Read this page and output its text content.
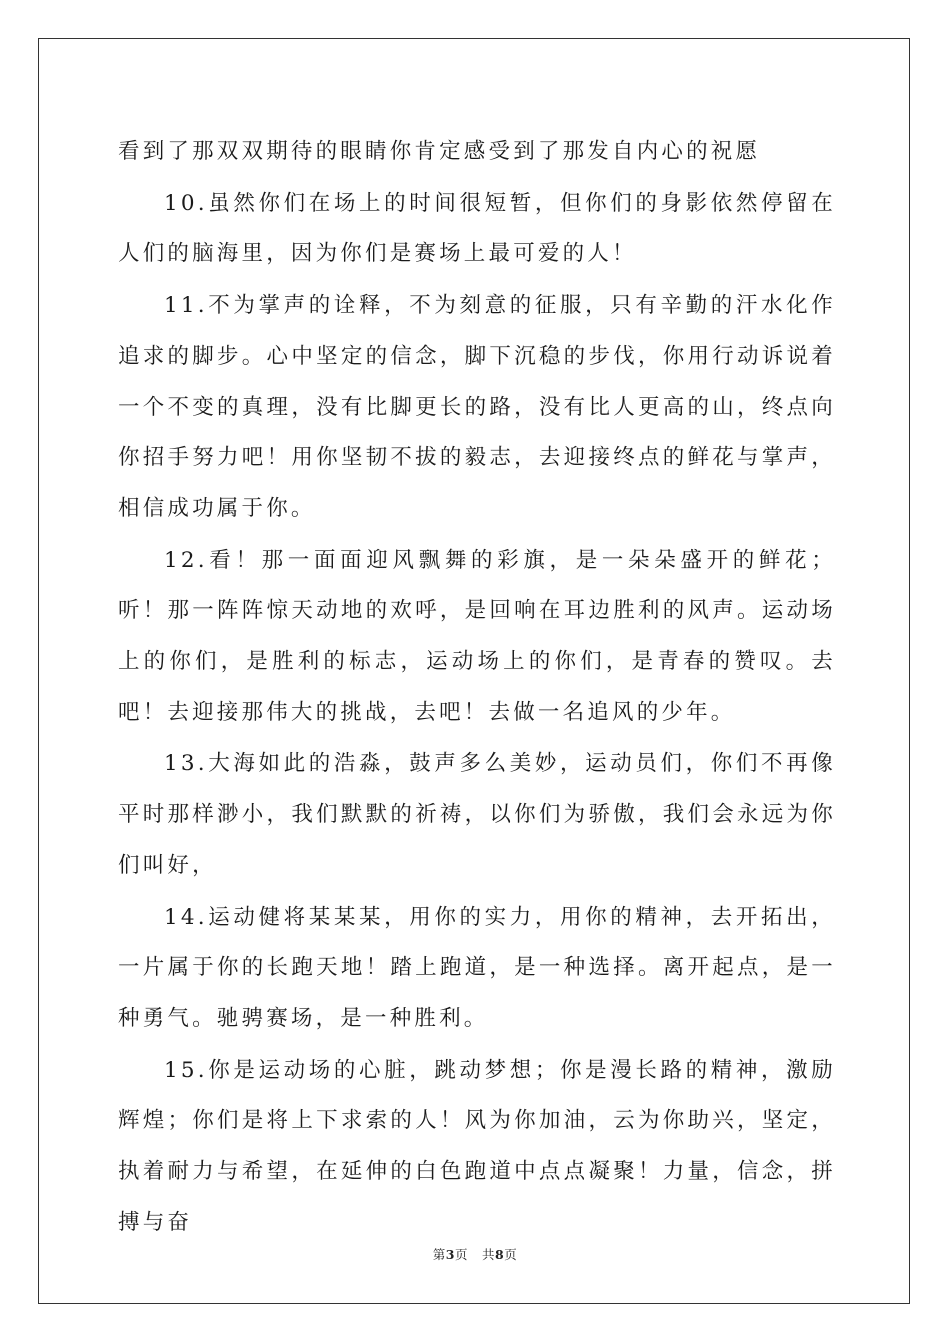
看到了那双双期待的眼睛你肯定感受到了那发自内心的祝愿

10.虽然你们在场上的时间很短暂，但你们的身影依然停留在人们的脑海里，因为你们是赛场上最可爱的人！

11.不为掌声的诠释，不为刻意的征服，只有辛勤的汗水化作追求的脚步。心中坚定的信念，脚下沉稳的步伐，你用行动诉说着一个不变的真理，没有比脚更长的路，没有比人更高的山，终点向你招手努力吧！用你坚韧不拔的毅志，去迎接终点的鲜花与掌声，相信成功属于你。

12.看！那一面面迎风飘舞的彩旗，是一朵朵盛开的鲜花；听！那一阵阵惊天动地的欢呼，是回响在耳边胜利的风声。运动场上的你们，是胜利的标志，运动场上的你们，是青春的赞叹。去吧！去迎接那伟大的挑战，去吧！去做一名追风的少年。

13.大海如此的浩淼，鼓声多么美妙，运动员们，你们不再像平时那样渺小，我们默默的祈祷，以你们为骄傲，我们会永远为你们叫好，

14.运动健将某某某，用你的实力，用你的精神，去开拓出，一片属于你的长跑天地！踏上跑道，是一种选择。离开起点，是一种勇气。驰骋赛场，是一种胜利。

15.你是运动场的心脏，跳动梦想；你是漫长路的精神，激励辉煌；你们是将上下求索的人！风为你加油，云为你助兴，坚定，执着耐力与希望，在延伸的白色跑道中点点凝聚！力量，信念，拼搏与奋

第3页 共8页
